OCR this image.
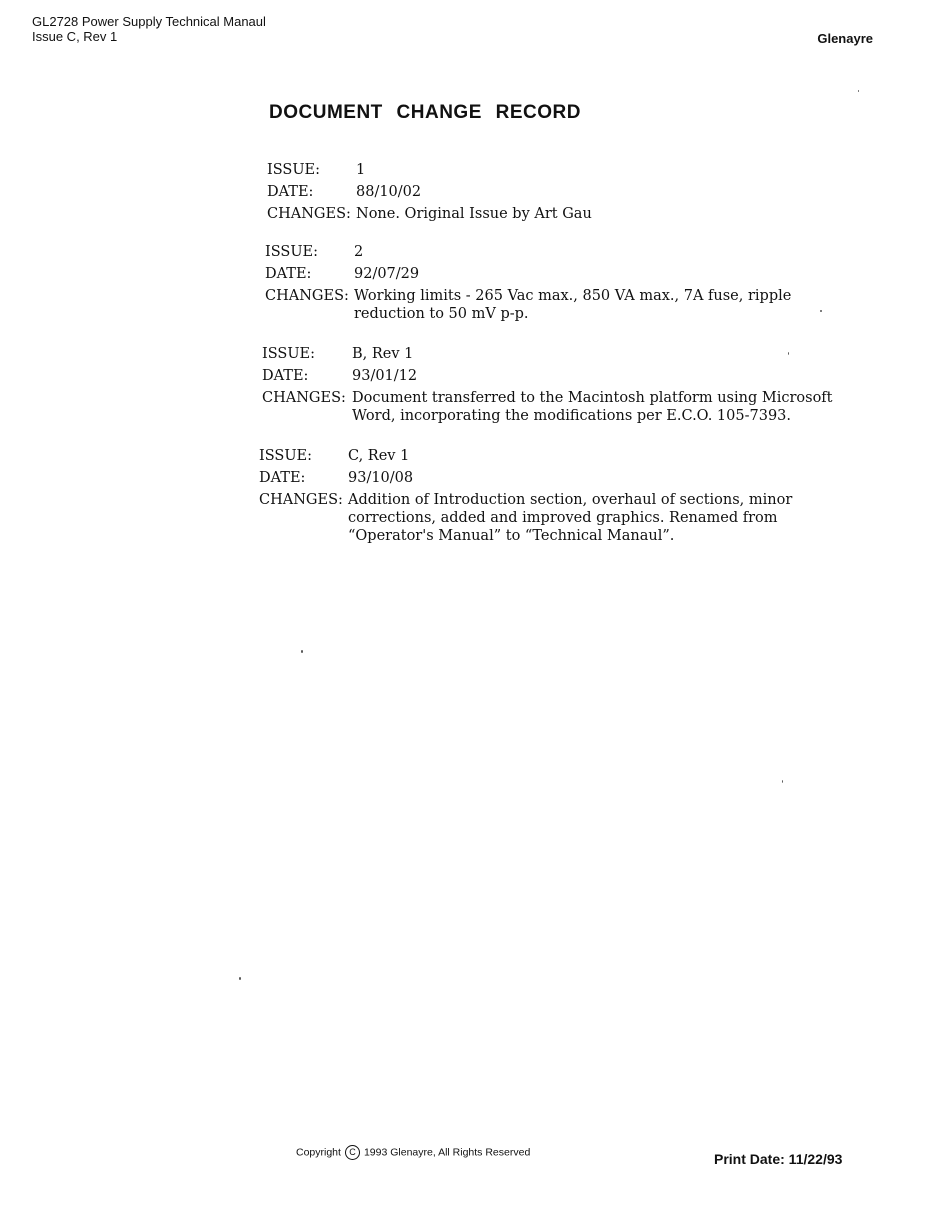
GL2728 Power Supply Technical Manaul
Issue C, Rev 1	Glenayre
DOCUMENT CHANGE RECORD
ISSUE:	1
DATE:	88/10/02
CHANGES: None. Original Issue by Art Gau
ISSUE:	2
DATE:	92/07/29
CHANGES: Working limits - 265 Vac max., 850 VA max., 7A fuse, ripple reduction to 50 mV p-p.
ISSUE:	B, Rev 1
DATE:	93/01/12
CHANGES: Document transferred to the Macintosh platform using Microsoft Word, incorporating the modifications per E.C.O. 105-7393.
ISSUE:	C, Rev 1
DATE:	93/10/08
CHANGES: Addition of Introduction section, overhaul of sections, minor corrections, added and improved graphics. Renamed from “Operator's Manual” to “Technical Manaul”.
Copyright C 1993 Glenayre, All Rights Reserved	Print Date: 11/22/93
